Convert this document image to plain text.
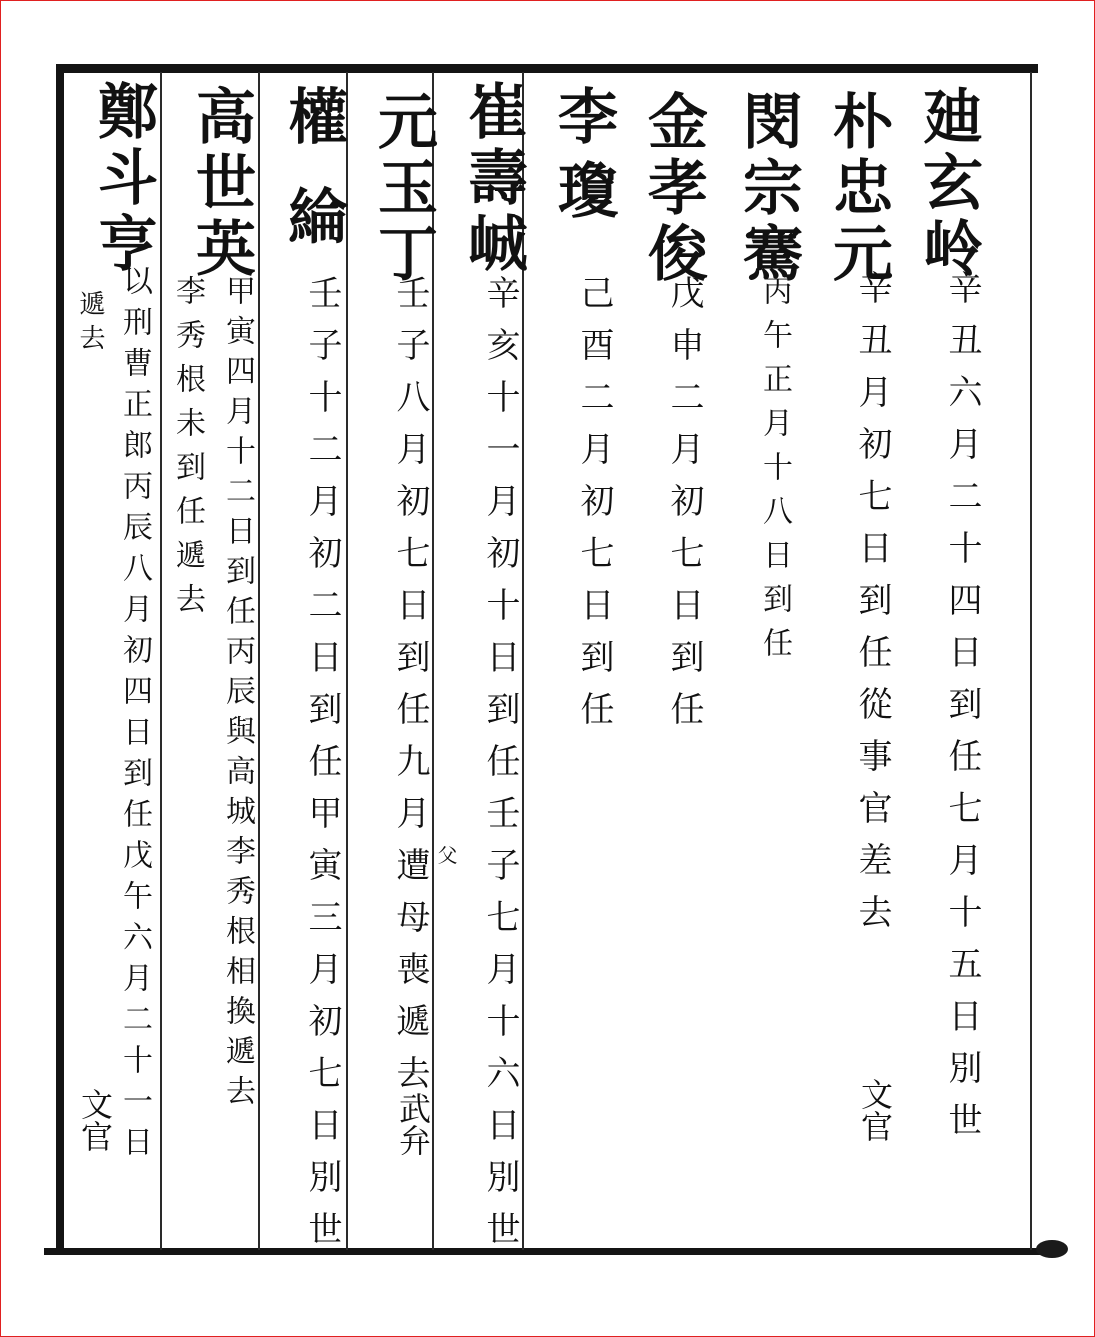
廸玄岭
辛丑六月二十四日到任七月十五日別世
朴忠元
辛丑月初七日到任從事官差去
文官
閔宗騫
丙午正月十八日到任
金孝俊
戊申二月初七日到任
李瓊
己酉二月初七日到任
崔壽峸
辛亥十一月初十日到任壬子七月十六日別世
元玉丁
壬子八月初七日到任九月遭母喪遞去 父
武弁
權綸
壬子十二月初二日到任甲寅三月初七日別世
高世英
甲寅四月十二日到任丙辰與高城李秀根相換遞去
李秀根未到任遞去
鄭斗亨
以刑曹正郎丙辰八月初四日到任戊午六月二十一日
遞去
文官
